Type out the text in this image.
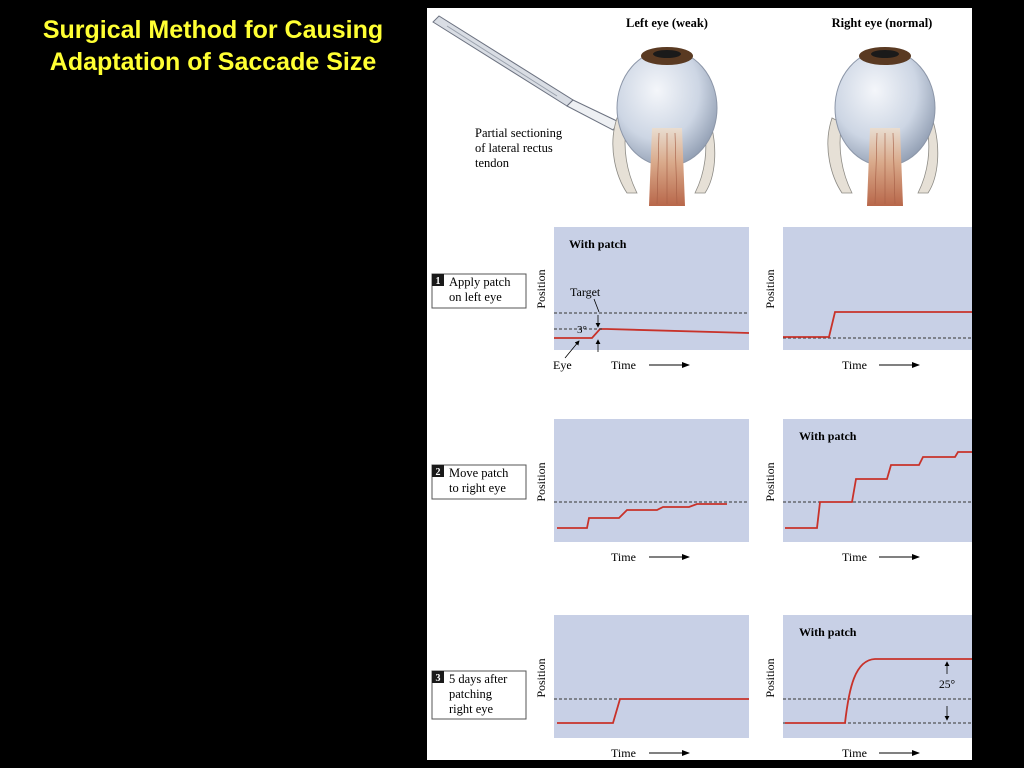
Surgical Method for Causing
Adaptation of Saccade Size
Left eye (weak)	Right eye (normal)
Partial sectioning of lateral rectus tendon
1 Apply patch
on left eye
With patch
Target
3°
Eye
Position
Time
Position
Time
2 Move patch
to right eye Position
Time
With patch
Position
Time
3 5 days after
patching
right eye
Position
Time
With patch
25°
Position
Time
